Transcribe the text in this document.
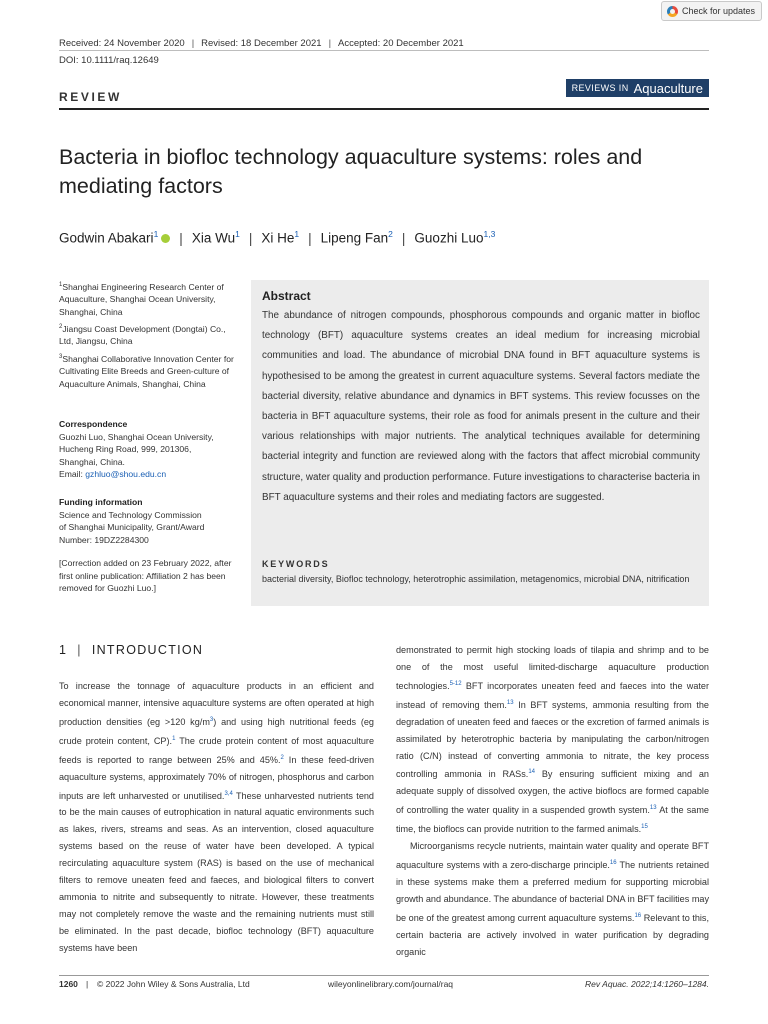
Check for updates
Received: 24 November 2020 | Revised: 18 December 2021 | Accepted: 20 December 2021
DOI: 10.1111/raq.12649
REVIEW
REVIEWS IN Aquaculture
Bacteria in biofloc technology aquaculture systems: roles and mediating factors
Godwin Abakari$^1$	| Xia Wu$^1$ | Xi He$^1$ | Lipeng Fan$^2$ | Guozhi Luo$^{1,3}$
$^1$Shanghai Engineering Research Center of Aquaculture, Shanghai Ocean University, Shanghai, China
$^2$Jiangsu Coast Development (Dongtai) Co., Ltd, Jiangsu, China
$^3$Shanghai Collaborative Innovation Center for Cultivating Elite Breeds and Green-culture of Aquaculture Animals, Shanghai, China
Correspondence
Guozhi Luo, Shanghai Ocean University,
Hucheng Ring Road, 999, 201306,
Shanghai, China.
Email: gzhluo@shou.edu.cn
Funding information
Science and Technology Commission
of Shanghai Municipality, Grant/Award
Number: 19DZ2284300
[Correction added on 23 February 2022, after first online publication: Affiliation 2 has been removed for Guozhi Luo.]
Abstract
The abundance of nitrogen compounds, phosphorous compounds and organic matter in biofloc technology (BFT) aquaculture systems creates an ideal medium for increasing microbial communities and load. The abundance of microbial DNA found in BFT aquaculture systems is hypothesised to be among the greatest in current aquaculture systems. Several factors mediate the bacterial diversity, relative abundance and dynamics in BFT systems. This review focusses on the bacteria in BFT aquaculture systems, their role as food for animals present in the culture and their various relationships with major nutrients. The analytical techniques available for determining bacterial integrity and function are reviewed along with the factors that affect microbial community structure, water quality and production performance. Future investigations to characterise bacteria in BFT aquaculture systems and their roles and mediating factors are suggested.
KEYWORDS
bacterial diversity, Biofloc technology, heterotrophic assimilation, metagenomics, microbial DNA, nitrification
1 | INTRODUCTION

To increase the tonnage of aquaculture products in an efficient and economical manner, intensive aquaculture systems are often operated at high production densities (eg >120 $kg/m^3$) and using high nutritional feeds (eg crude protein content, CP).$^1$ The crude protein content of most aquaculture feeds is reported to range between 25% and 45%.$^2$ In these feed-driven aquaculture systems, approximately 70% of nitrogen, phosphorus and carbon inputs are left unharvested or unutilised.$^{3,4}$ These unharvested nutrients tend to be the main causes of eutrophication in natural aquatic environments such as lakes, rivers, streams and seas. As an intervention, closed aquaculture systems based on the reuse of water have been developed. A typical recirculating aquaculture system (RAS) is based on the use of mechanical filters to remove uneaten feed and faeces, and biological filters to convert ammonia to nitrite and subsequently to nitrate. However, these treatments may not completely remove the waste and the remaining nutrients must still be eliminated. In the past decade, biofloc technology (BFT) aquaculture systems have been

demonstrated to permit high stocking loads of tilapia and shrimp and to be one of the most useful limited-discharge aquaculture production technologies.$^{5-12}$ BFT incorporates uneaten feed and faeces into the water instead of removing them.$^{13}$ In BFT systems, ammonia resulting from the degradation of uneaten feed and faeces or the excretion of farmed animals is assimilated by heterotrophic bacteria by manipulating the carbon/nitrogen ratio (C/N) instead of converting ammonia to nitrate, the key process controlling ammonia in RASs.$^{14}$ By ensuring sufficient mixing and an adequate supply of dissolved oxygen, the active bioflocs are formed capable of controlling the water quality in a suspended growth system.$^{13}$ At the same time, the bioflocs can provide nutrition to the farmed animals.$^{15}$

Microorganisms recycle nutrients, maintain water quality and operate BFT aquaculture systems with a zero-discharge principle.$^{16}$ The nutrients retained in these systems make them a preferred medium for supporting microbial growth and abundance. The abundance of bacterial DNA in BFT facilities may be one of the greatest among current aquaculture systems.$^{16}$ Relevant to this, certain bacteria are actively involved in water purification by degrading organic

1260 | © 2022 John Wiley & Sons Australia, Ltd	wileyonlinelibrary.com/journal/raq	Rev Aquac. 2022;14:1260–1284.
